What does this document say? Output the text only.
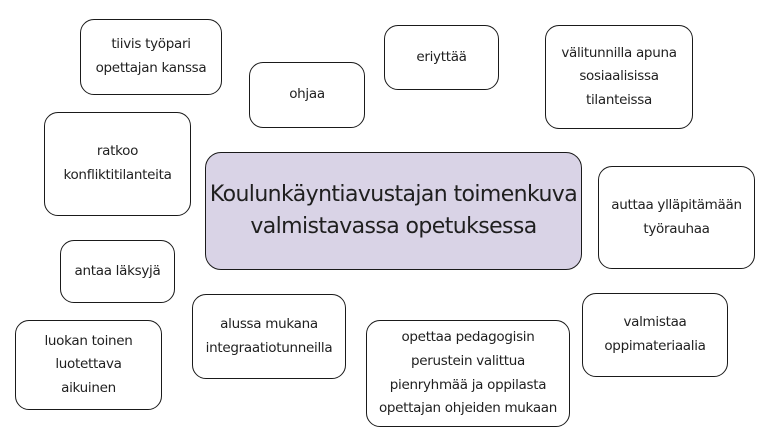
Koulunkäyntiavustajan toimenkuva
valmistavassa opetuksessa
tiivis työpari
opettajan kanssa
ohjaa
eriyttää	välitunnilla apuna
sosiaalisissa
tilanteissa
ratkoo
konfliktitilanteita
auttaa ylläpitämään
työrauhaa
antaa läksyjä
alussa mukana
integraatiotunneilla
luokan toinen
luotettava
aikuinen
opettaa pedagogisin
perustein valittua
pienryhmää ja oppilasta
opettajan ohjeiden mukaan
valmistaa
oppimateriaalia
